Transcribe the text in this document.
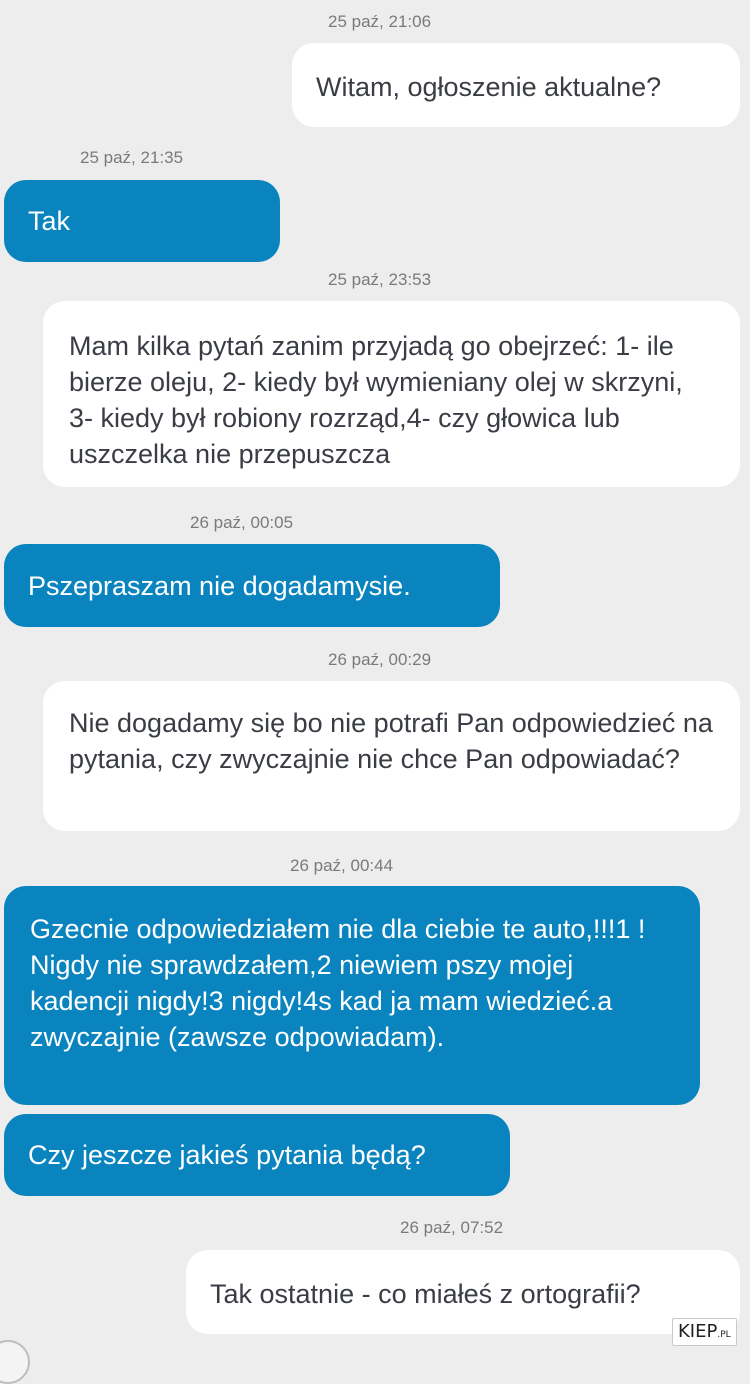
25 paź, 21:06
Witam, ogłoszenie aktualne?
25 paź, 21:35
Tak
25 paź, 23:53
Mam kilka pytań zanim przyjadą go obejrzeć: 1- ile bierze oleju, 2- kiedy był wymieniany olej w skrzyni, 3- kiedy był robiony rozrząd,4- czy głowica lub uszczelka nie przepuszcza
26 paź, 00:05
Pszepraszam nie dogadamysie.
26 paź, 00:29
Nie dogadamy się bo nie potrafi Pan odpowiedzieć na pytania, czy zwyczajnie nie chce Pan odpowiadać?
26 paź, 00:44
Gzecnie odpowiedziałem nie dla ciebie te auto,!!!1 ! Nigdy nie sprawdzałem,2 niewiem pszy mojej kadencji nigdy!3 nigdy!4s kad ja mam wiedzieć.a zwyczajnie (zawsze odpowiadam).
Czy jeszcze jakieś pytania będą?
26 paź, 07:52
Tak ostatnie - co miałeś z ortografii?
KIEP.PL
